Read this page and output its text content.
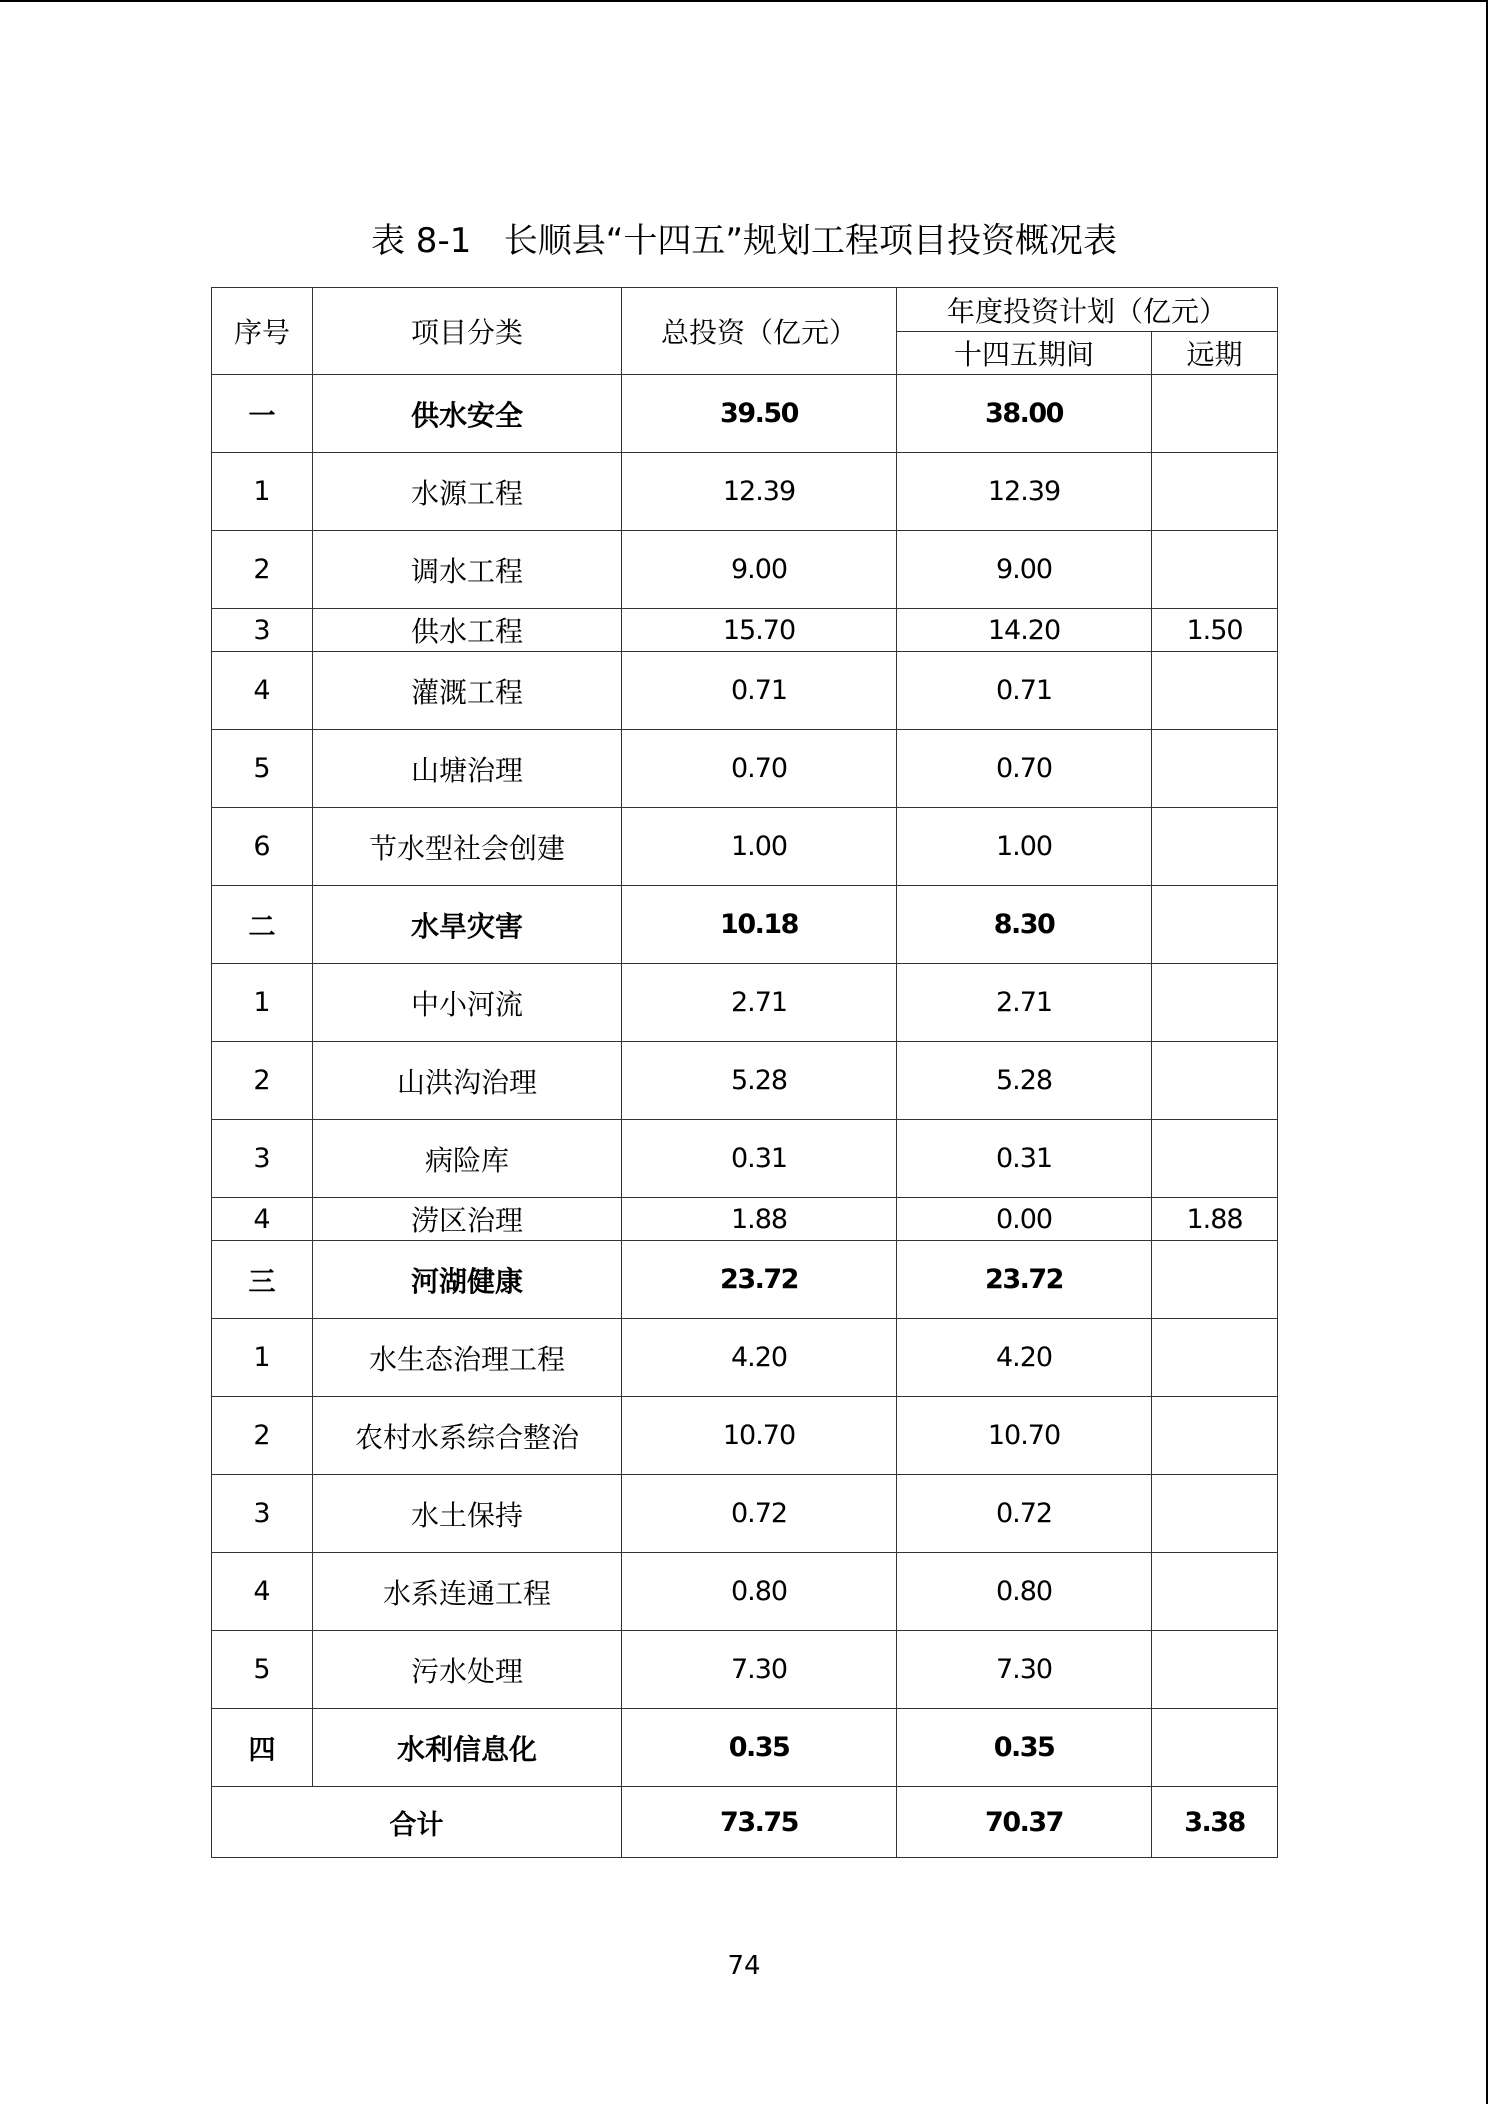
表 8-1   长顺县“十四五”规划工程项目投资概况表
序号	项目分类	总投资（亿元）	年度投资计划（亿元）	
			十四五期间	远期
一	供水安全	39.50	38.00	
1	水源工程	12.39	12.39	
2	调水工程	9.00	9.00	
3	供水工程	15.70	14.20	1.50
4	灌溉工程	0.71	0.71	
5	山塘治理	0.70	0.70	
6	节水型社会创建	1.00	1.00	
二	水旱灾害	10.18	8.30	
1	中小河流	2.71	2.71	
2	山洪沟治理	5.28	5.28	
3	病险库	0.31	0.31	
4	涝区治理	1.88	0.00	1.88
三	河湖健康	23.72	23.72	
1	水生态治理工程	4.20	4.20	
2	农村水系综合整治	10.70	10.70	
3	水土保持	0.72	0.72	
4	水系连通工程	0.80	0.80	
5	污水处理	7.30	7.30	
四	水利信息化	0.35	0.35	
合计		73.75	70.37	3.38
74
